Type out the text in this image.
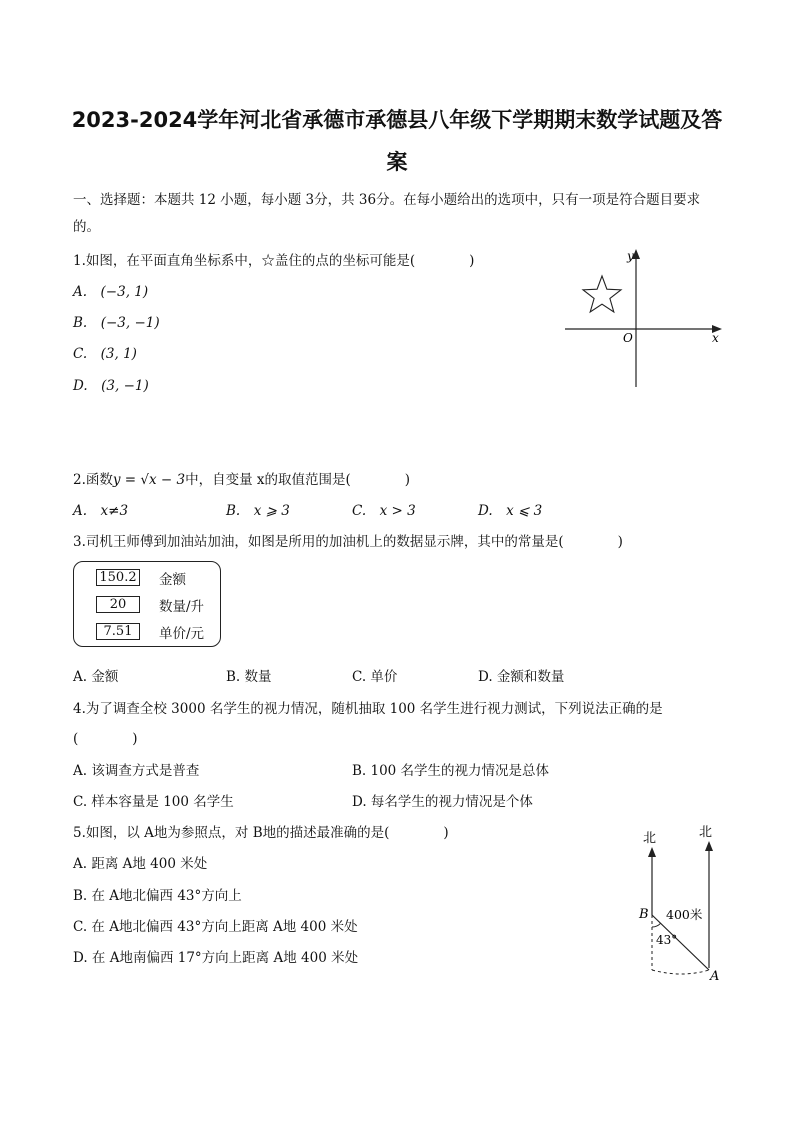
2023-2024学年河北省承德市承德县八年级下学期期末数学试题及答
案
一、选择题：本题共 12 小题，每小题 3分，共 36分。在每小题给出的选项中，只有一项是符合题目要求
的。
1.如图，在平面直角坐标系中，☆盖住的点的坐标可能是(　　　　)
A.　(−3, 1)
B.　(−3, −1)
C.　(3, 1)
D.　(3, −1)
y
x
O
2.函数y = √x − 3中，自变量 x的取值范围是(　　　　)
A.　x≠3	B.　x ⩾ 3	C.　x > 3	D.　x ⩽ 3
3.司机王师傅到加油站加油，如图是所用的加油机上的数据显示牌，其中的常量是(　　　　)
150.2 金额
20	数量/升
7.51	单价/元
A. 金额	B. 数量	C. 单价	D. 金额和数量
4.为了调查全校 3000 名学生的视力情况，随机抽取 100 名学生进行视力测试，下列说法正确的是
(　　　　)
A. 该调查方式是普查	B. 100 名学生的视力情况是总体
C. 样本容量是 100 名学生	D. 每名学生的视力情况是个体
5.如图，以 A地为参照点，对 B地的描述最准确的是(　　　　)
A. 距离 A地 400 米处
B. 在 A地北偏西 43°方向上
C. 在 A地北偏西 43°方向上距离 A地 400 米处
D. 在 A地南偏西 17°方向上距离 A地 400 米处
北	北
400米
43°
B
A
